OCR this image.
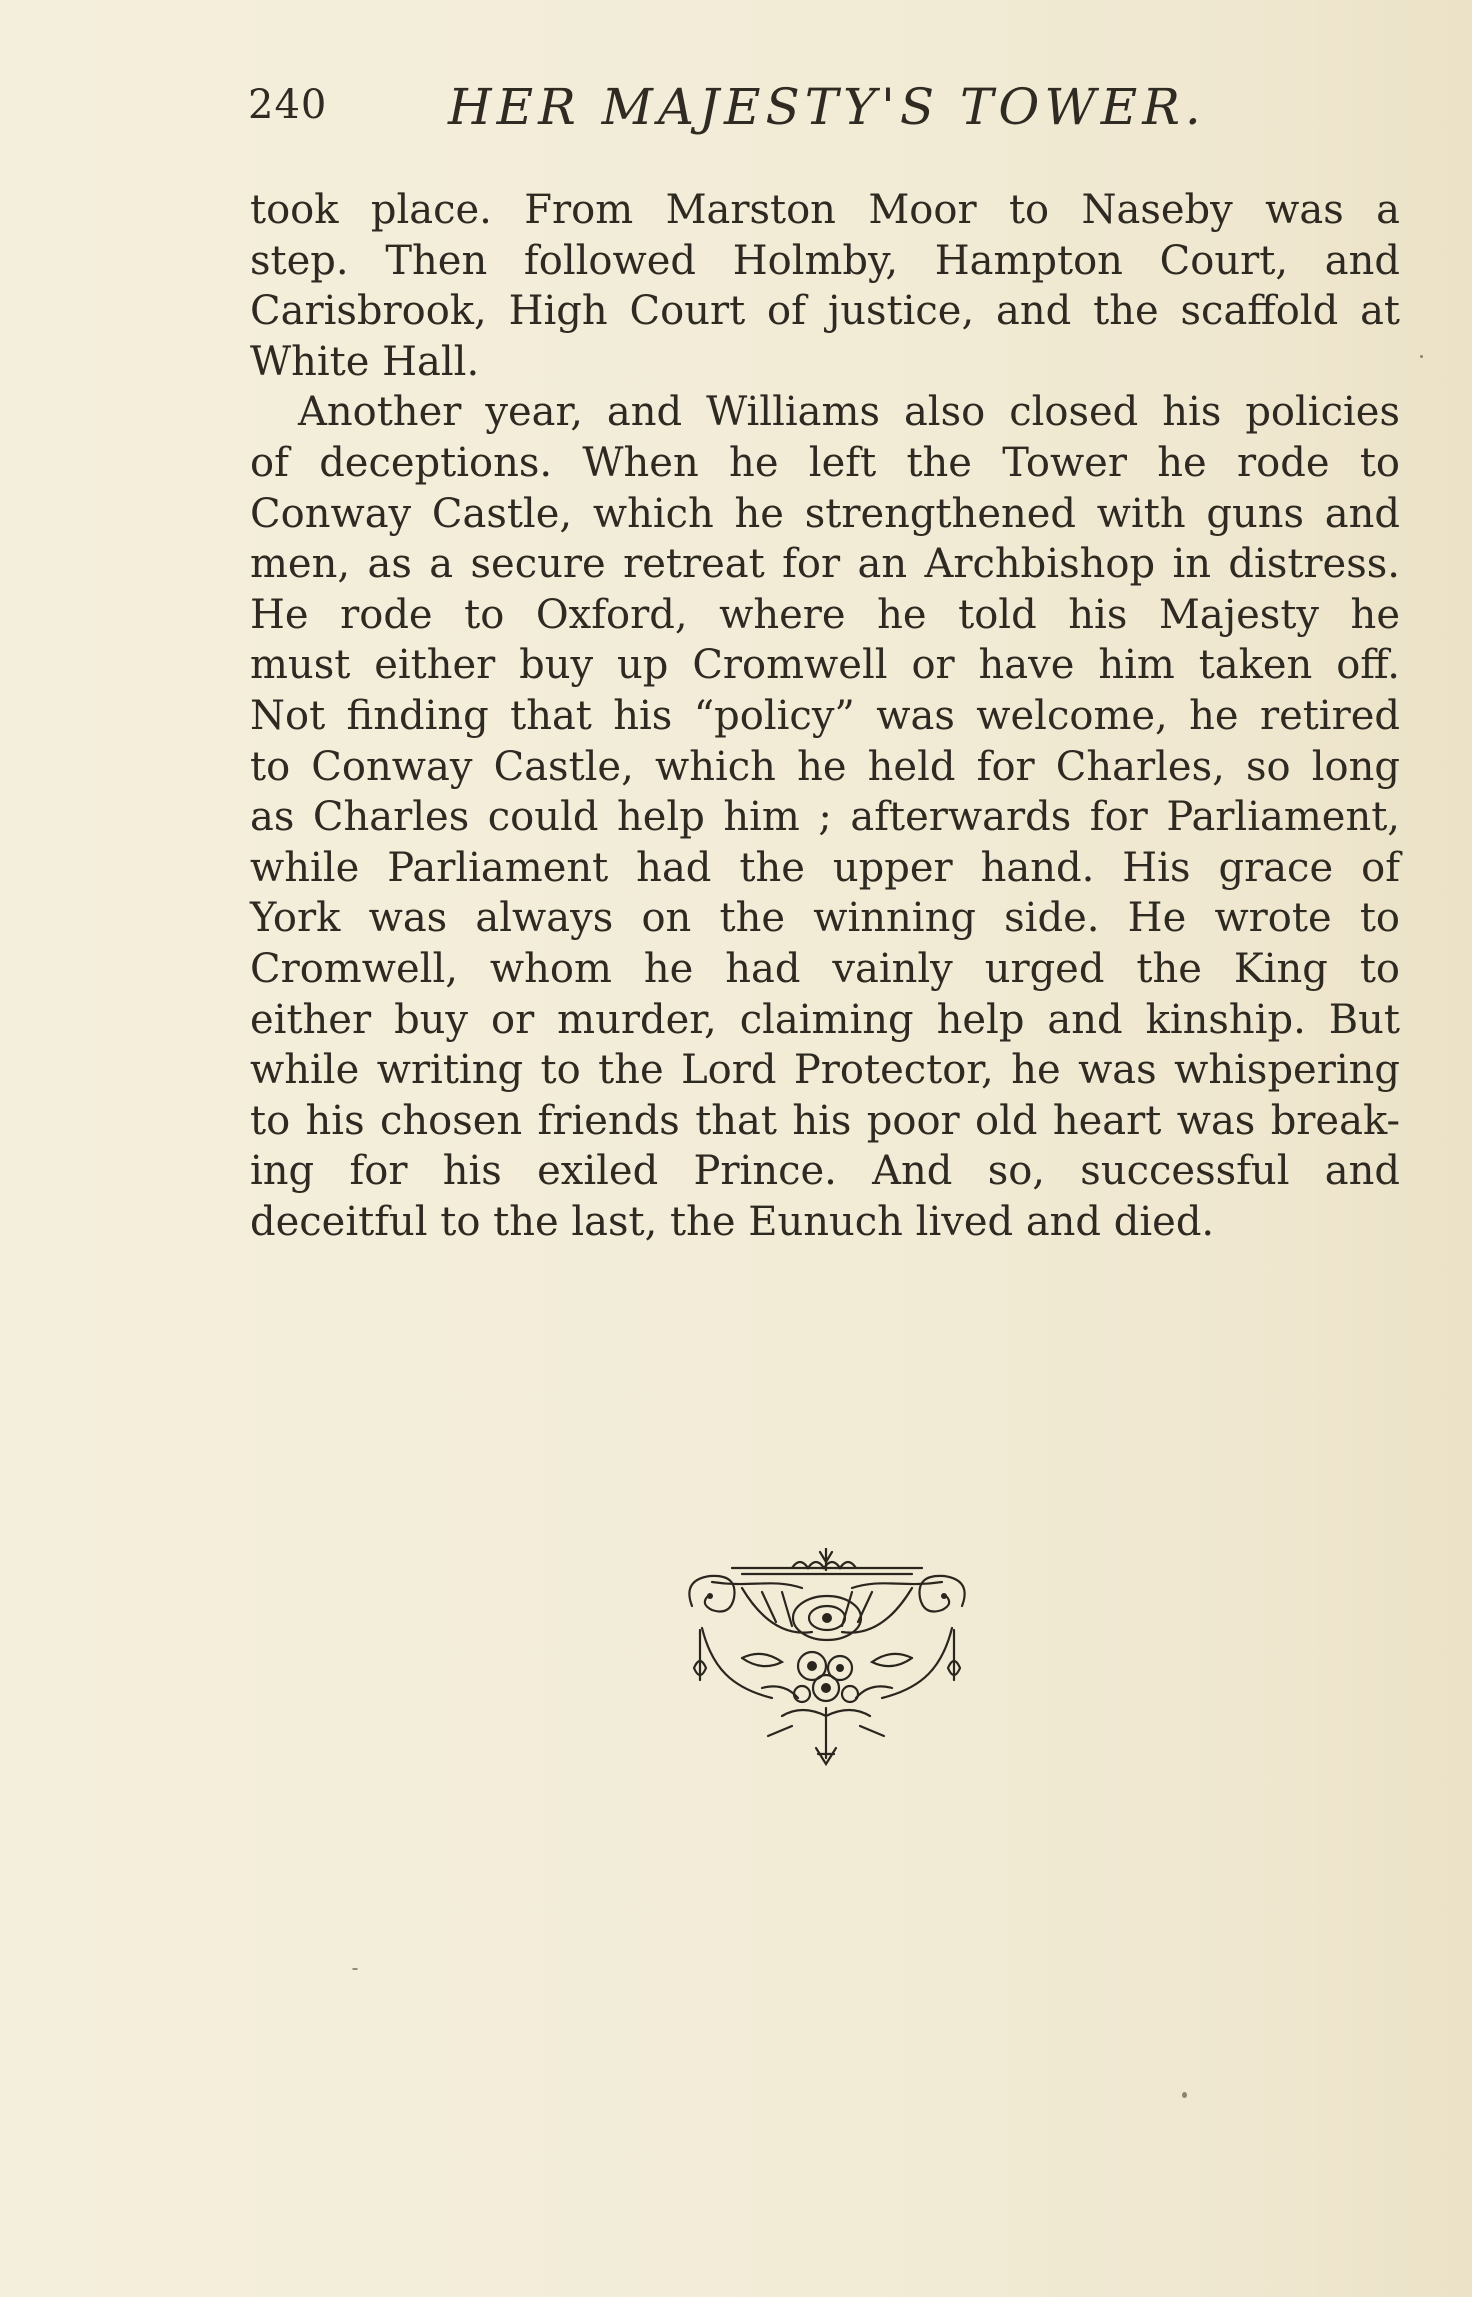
240 HER MAJESTY'S TOWER.
took place. From Marston Moor to Naseby was a
step. Then followed Holmby, Hampton Court, and
Carisbrook, High Court of justice, and the scaffold at
White Hall.
Another year, and Williams also closed his policies
of deceptions. When he left the Tower he rode to
Conway Castle, which he strengthened with guns and
men, as a secure retreat for an Archbishop in distress.
He rode to Oxford, where he told his Majesty he
must either buy up Cromwell or have him taken off.
Not finding that his “policy” was welcome, he retired
to Conway Castle, which he held for Charles, so long
as Charles could help him ; afterwards for Parliament,
while Parliament had the upper hand. His grace of
York was always on the winning side. He wrote to
Cromwell, whom he had vainly urged the King to
either buy or murder, claiming help and kinship. But
while writing to the Lord Protector, he was whispering
to his chosen friends that his poor old heart was break-
ing for his exiled Prince. And so, successful and
deceitful to the last, the Eunuch lived and died.
